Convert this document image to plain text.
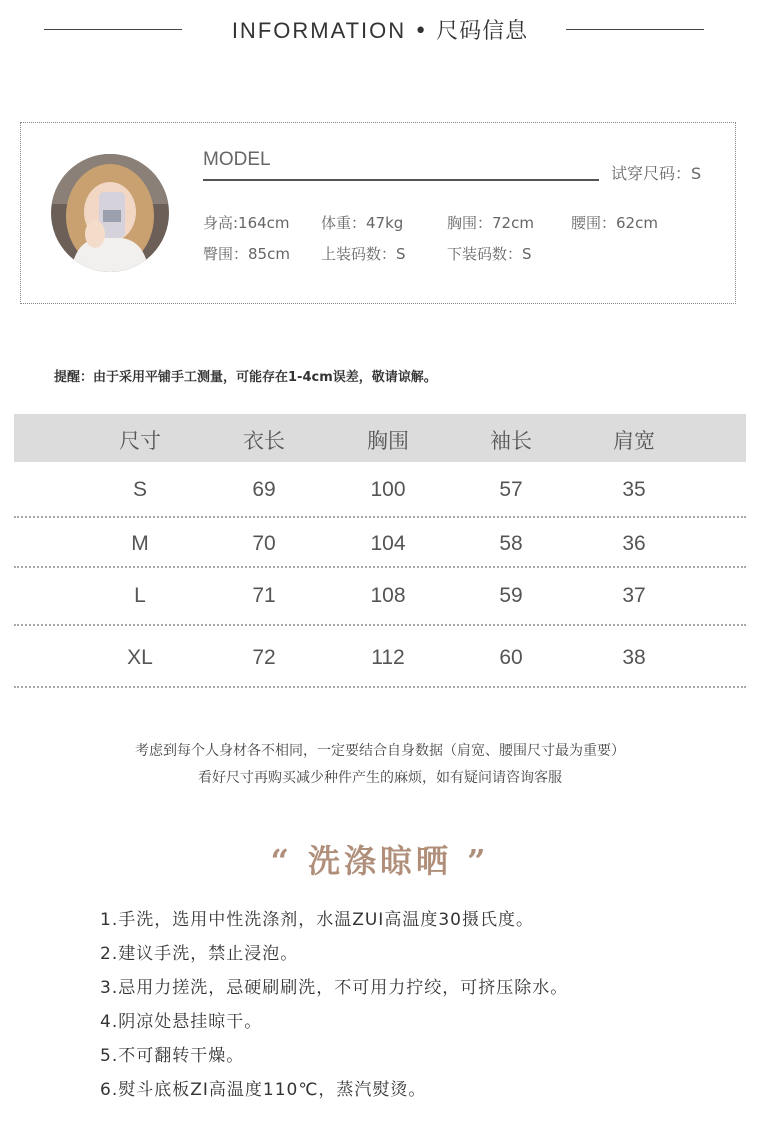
INFORMATION • 尺码信息
MODEL
试穿尺码：S
身高:164cm 体重：47kg	胸围：72cm 腰围：62cm
臀围：85cm 上装码数：S	下装码数：S
提醒：由于采用平铺手工测量，可能存在1-4cm误差，敬请谅解。
尺寸	衣长	胸围	袖长	肩宽
S	69	100	57	35
M	70	104	58	36
L	71	108	59	37
XL	72	112	60	38
考虑到每个人身材各不相同，一定要结合自身数据（肩宽、腰围尺寸最为重要）
看好尺寸再购买减少种件产生的麻烦，如有疑问请咨询客服
“ 洗涤晾晒 ”
1.手洗，选用中性洗涤剂，水温ZUI高温度30摄氏度。
2.建议手洗，禁止浸泡。
3.忌用力搓洗，忌硬刷刷洗，不可用力拧绞，可挤压除水。
4.阴凉处悬挂晾干。
5.不可翻转干燥。
6.熨斗底板ZI高温度110℃，蒸汽熨烫。
